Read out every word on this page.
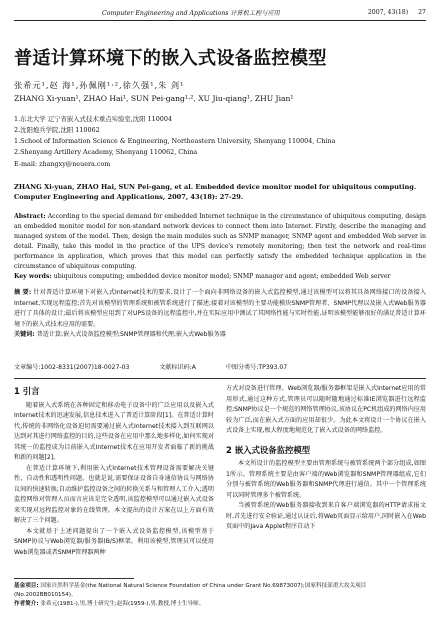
Computer Engineering and Applications 计算机工程与应用	2007, 43(18) 27
普适计算环境下的嵌入式设备监控模型
张希元¹,赵 海¹,孙佩刚¹·²,徐久强¹,朱 剑¹
ZHANG Xi-yuan¹, ZHAO Hai¹, SUN Pei-gang¹·², XU Jiu-qiang¹, ZHU Jian¹
1.东北大学 辽宁省嵌入式技术重点实验室,沈阳 110004
2.沈阳炮兵学院,沈阳 110062
1.School of Information Science & Engineering, Northeastern University, Shenyang 110004, China
2.Shenyang Artillery Academy, Shenyang 110062, China
E-mail: zhangxy@neuera.com
ZHANG Xi-yuan, ZHAO Hai, SUN Pei-gang, et al. Embedded device monitor model for ubiquitous computing. Computer Engineering and Applications, 2007, 43(18): 27-29.
Abstract: According to the special demand for embedded Internet technique in the circumstance of ubiquitous computing, design an embedded monitor model for non-standard network devices to connect them into Internet. Firstly, describe the managing and managed system of the model. Then, design the main modules such as SNMP manager, SNMP agent and embedded Web server in detail. Finally, take this model in the practice of the UPS device's remotely monitoring; then test the network and real-time performance in application, which proves that this model can perfectly satisfy the embedded technique application in the circumstance of ubiquitous computing.
Key words: ubiquitous computing; embedded device monitor model; SNMP manager and agent; embedded Web server
摘 要: 针对普适计算环境下对嵌入式Internet技术的要求,设计了一个面向非网络设备的嵌入式监控模型,通过该模型可以将其具备网络接口的设备接入Internet,实现远程监控;首先对该模型的管理系统和被管系统进行了描述;接着对该模型的主要功能模块SNMP管理者、SNMP代理以及嵌入式Web服务器进行了具体的设计;最后将该模型应用到了对UPS设备的远程监控中,并在实际应用中测试了其网络性能与实时性能,证明该模型能够很好的满足普适计算环境下的嵌入式技术应用的需要。
关键词: 普适计算;嵌入式设备监控模型;SNMP管理器和代理;嵌入式Web服务器
文章编号:1002-8331(2007)18-0027-03	文献标识码:A	中图分类号:TP393.07
1 引言

随着嵌入式系统在各种固定和移动电子设备中的广泛应用以及嵌入式Internet技术的迅速发展,信息技术进入了普适计算阶段[1]。在普适计算时代,传统的非网络化设备迫切需要通过嵌入式Internet技术接入到互联网以达到对其进行网络监控的目的,这些设备在应用中那么地多样化,如何实现对其统一的监控成为目前嵌入式Internet技术在应用开发者面临了新的挑战和新的问题[2]。

在普适计算环境下,利用嵌入式Internet技术管理设备需要解决关键性、自动性和透明性问题。也就是说,需要保证设备自身通信协议与网络协议间的快速转换;自动维护监控设备之间的转换关系与和管理人工介入;透明监控网络对管理人员而言应该是完全透明,该监控模型可以通过嵌入式设备来实现对远程监控对象的在线管理。本文提出的设计方案在以上方面有效解决了三个问题。

本文就基于上述问题提出了一个嵌入式设备监控模型,该模型基于SNMP协议与Web浏览器/服务器(B/S)框架。利用该模型,管理员可以使用Web浏览器或者SNMP管理器两种

方式对设备进行管理。Web浏览器/服务器框架是嵌入式Internet应用的常用形式,通过这种方式,管理员可以随时随地通过标准IE浏览器进行远程监控;SNMP协议是一个规范的网络管理协议,该协议在PC机组成的网络内应用较为广泛,而在嵌入式方面的应用却很少。为此本文将设计一个协议在嵌入式设备上实现,极大程度地规范化了嵌入式设备的网络监控。

2 嵌入式设备监控模型

本文所设计的监控模型主要由管理系统与被管系统两个部分组成,如图1所示。管理系统主要是由客户端的Web浏览器和SNMP管理器组成,它们分别与被管系统的Web服务器和SNMP代理进行通信。其中一个管理系统可以同时管理多个被管系统。

当被管系统的Web服务器接收到来自客户端浏览器的HTTP请求报文时,首先进行安全验证,通过认证后,将Web页面显示给用户,同时嵌入在Web页面中的Java Applet程序自动下

基金项目: 国家自然科学基金(the National Natural Science Foundation of China under Grant No.69873007);国家科技部重大攻关项目(No.2002BB010154)。
作者简介: 张希元(1981-),男,博士研究生;赵海(1959-),男,教授,博士生导师。
